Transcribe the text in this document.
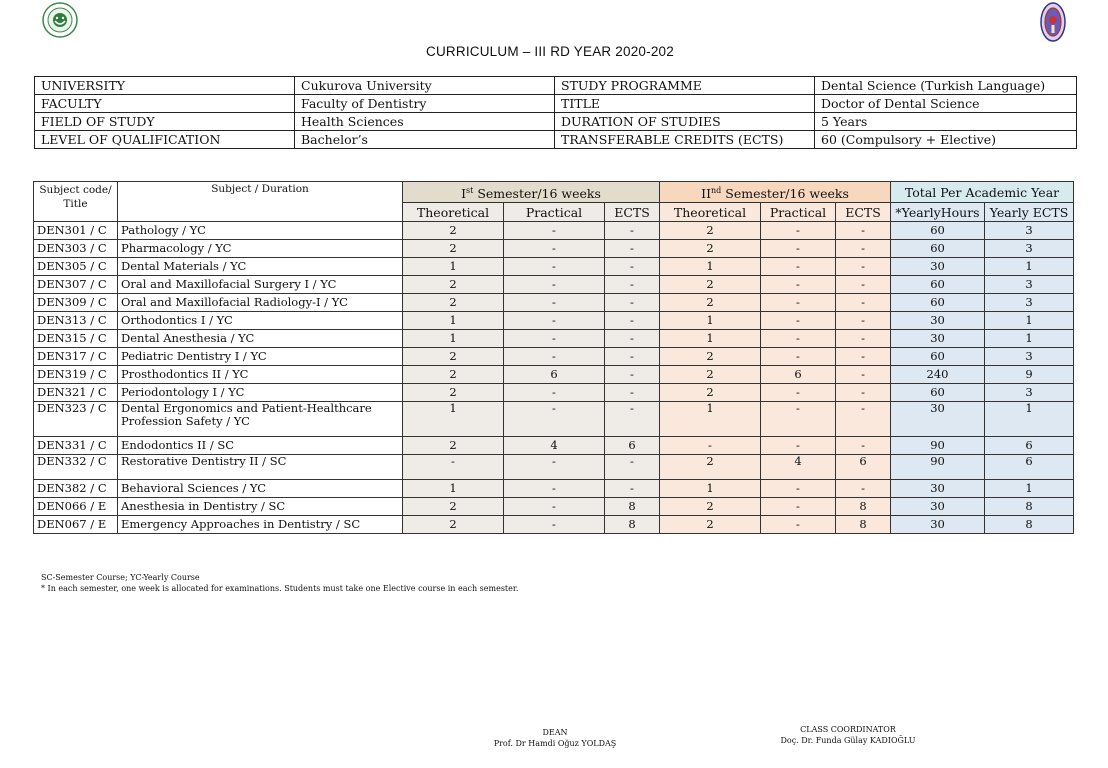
CURRICULUM – III RD YEAR 2020-202
UNIVERSITY	Cukurova University	STUDY PROGRAMME	Dental Science (Turkish Language)
FACULTY	Faculty of Dentistry	TITLE	Doctor of Dental Science
FIELD OF STUDY	Health Sciences	DURATION OF STUDIES	5 Years
LEVEL OF QUALIFICATION	Bachelor’s	TRANSFERABLE CREDITS (ECTS)	60 (Compulsory + Elective)
Subject code/ Title	Subject / Duration	Ist Semester/16 weeks			IInd Semester/16 weeks			Total Per Academic Year	
		Theoretical	Practical	ECTS	Theoretical	Practical	ECTS	*YearlyHours	Yearly ECTS
DEN301 / C	Pathology / YC	2	-	-	2	-	-	60	3
DEN303 / C	Pharmacology / YC	2	-	-	2	-	-	60	3
DEN305 / C	Dental Materials / YC	1	-	-	1	-	-	30	1
DEN307 / C	Oral and Maxillofacial Surgery I / YC	2	-	-	2	-	-	60	3
DEN309 / C	Oral and Maxillofacial Radiology-I / YC	2	-	-	2	-	-	60	3
DEN313 / C	Orthodontics I / YC	1	-	-	1	-	-	30	1
DEN315 / C	Dental Anesthesia / YC	1	-	-	1	-	-	30	1
DEN317 / C	Pediatric Dentistry I / YC	2	-	-	2	-	-	60	3
DEN319 / C	Prosthodontics II / YC	2	6	-	2	6	-	240	9
DEN321 / C	Periodontology I / YC	2	-	-	2	-	-	60	3
DEN323 / C	Dental Ergonomics and Patient-Healthcare Profession Safety / YC	1	-	-	1	-	-	30	1
DEN331 / C	Endodontics II / SC	2	4	6	-	-	-	90	6
DEN332 / C	Restorative Dentistry II / SC	-	-	-	2	4	6	90	6
DEN382 / C	Behavioral Sciences / YC	1	-	-	1	-	-	30	1
DEN066 / E	Anesthesia in Dentistry / SC	2	-	8	2	-	8	30	8
DEN067 / E	Emergency Approaches in Dentistry / SC	2	-	8	2	-	8	30	8
SC-Semester Course; YC-Yearly Course
* In each semester, one week is allocated for examinations. Students must take one Elective course in each semester.
DEAN
Prof. Dr Hamdi Oğuz YOLDAŞ
CLASS COORDINATOR
Doç. Dr. Funda Gülay KADIOĞLU
